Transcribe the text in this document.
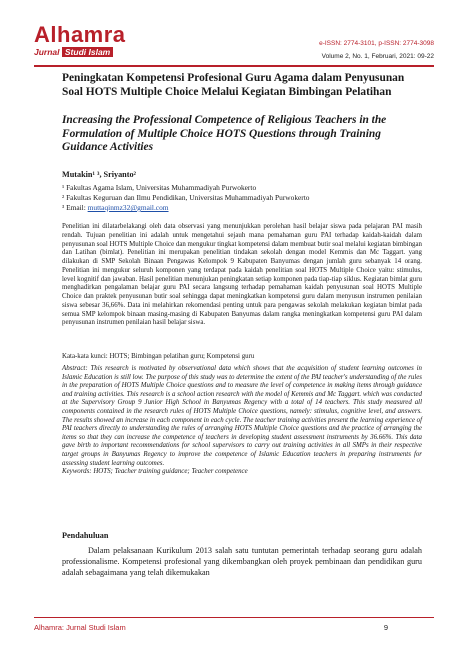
Alhamra
Jurnal Studi Islam
e-ISSN: 2774-3101, p-ISSN: 2774-3098
Volume 2, No. 1, Februari, 2021: 09-22

Peningkatan Kompetensi Profesional Guru Agama dalam Penyusunan Soal HOTS Multiple Choice Melalui Kegiatan Bimbingan Pelatihan

Increasing the Professional Competence of Religious Teachers in the Formulation of Multiple Choice HOTS Questions through Training Guidance Activities

Mutakin¹ ³, Sriyanto²
¹ Fakultas Agama Islam, Universitas Muhammadiyah Purwokerto
² Fakultas Keguruan dan Ilmu Pendidikan, Universitas Muhammadiyah Purwokerto
³ Email: muttaqinmz32@gmail.com

Penelitian ini dilatarbelakangi oleh data observasi yang menunjukkan perolehan hasil belajar siswa pada pelajaran PAI masih rendah. Tujuan penelitian ini adalah untuk mengetahui sejauh mana pemahaman guru PAI terhadap kaidah-kaidah dalam penyusunan soal HOTS Multiple Choice dan mengukur tingkat kompetensi dalam membuat butir soal melalui kegiatan bimbingan dan Latihan (bimlat). Penelitian ini merupakan penelitian tindakan sekolah dengan model Kemmis dan Mc Taggart. yang dilakukan di SMP Sekolah Binaan Pengawas Kelompok 9 Kabupaten Banyumas dengan jumlah guru sebanyak 14 orang. Penelitian ini mengukur seluruh komponen yang terdapat pada kaidah penelitian soal HOTS Multiple Choice yaitu: stimulus, level kognitif dan jawaban. Hasil penelitian menunjukan peningkatan setiap komponen pada tiap-tiap siklus. Kegiatan bimlat guru menghadirkan pengalaman belajar guru PAI secara langsung terhadap pemahaman kaidah penyusunan soal HOTS Multiple Choice dan praktek penyusunan butir soal sehingga dapat meningkatkan kompetensi guru dalam menyusun instrumen penilaian siswa sebesar 36,66%. Data ini melahirkan rekomendasi penting untuk para pengawas sekolah melakukan kegiatan bimlat pada semua SMP kelompok binaan masing-masing di Kabupaten Banyumas dalam rangka meningkatkan kompetensi guru PAI dalam penyusunan instrumen penilaian hasil belajar siswa.

Kata-kata kunci: HOTS; Bimbingan pelatihan guru; Kompetensi guru

Abstract: This research is motivated by observational data which shows that the acquisition of student learning outcomes in Islamic Education is still low. The purpose of this study was to determine the extent of the PAI teacher's understanding of the rules in the preparation of HOTS Multiple Choice questions and to measure the level of competence in making items through guidance and training activities. This research is a school action research with the model of Kemmis and Mc Taggart. which was conducted at the Supervisory Group 9 Junior High School in Banyumas Regency with a total of 14 teachers. This study measured all components contained in the research rules of HOTS Multiple Choice questions, namely: stimulus, cognitive level, and answers. The results showed an increase in each component in each cycle. The teacher training activities present the learning experience of PAI teachers directly to understanding the rules of arranging HOTS Multiple Choice questions and the practice of arranging the items so that they can increase the competence of teachers in developing student assessment instruments by 36.66%. This data gave birth to important recommendations for school supervisors to carry out training activities in all SMPs in their respective target groups in Banyumas Regency to improve the competence of Islamic Education teachers in preparing instruments for assessing student learning outcomes.
Keywords: HOTS; Teacher training guidance; Teacher competence

Pendahuluan

Dalam pelaksanaan Kurikulum 2013 salah satu tuntutan pemerintah terhadap seorang guru adalah professionalisme. Kompetensi profesional yang dikembangkan oleh proyek pembinaan dan pendidikan guru adalah sebagaimana yang telah dikemukakan

Alhamra: Jurnal Studi Islam	9
